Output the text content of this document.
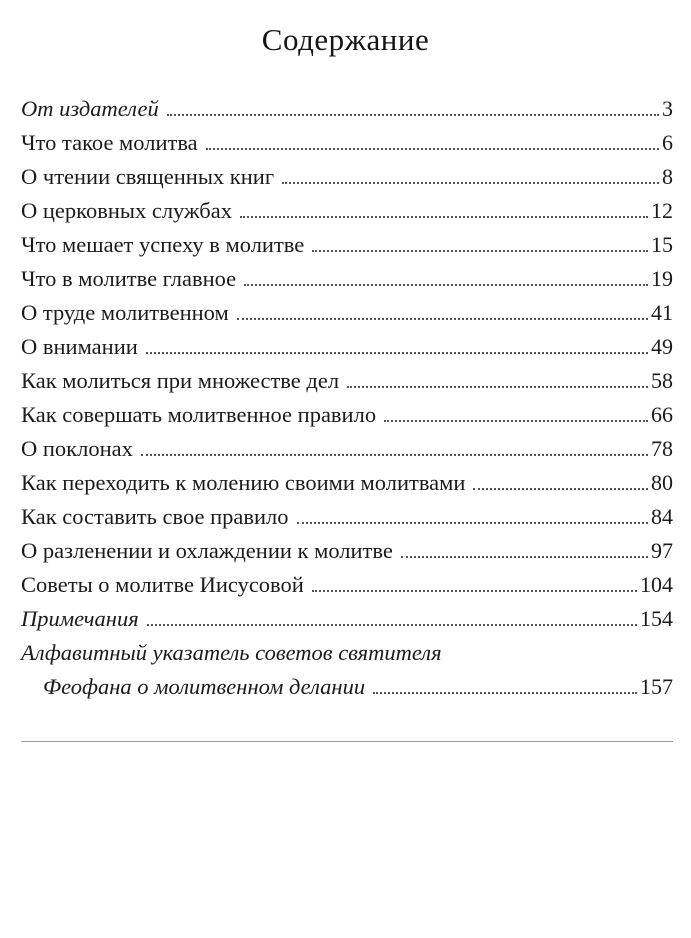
Содержание
От издателей	3
Что такое молитва	6
О чтении священных книг	8
О церковных службах	12
Что мешает успеху в молитве	15
Что в молитве главное	19
О труде молитвенном	41
О внимании	49
Как молиться при множестве дел	58
Как совершать молитвенное правило	66
О поклонах	78
Как переходить к молению своими молитвами	80
Как составить свое правило	84
О разленении и охлаждении к молитве	97
Советы о молитве Иисусовой	104
Примечания	154
Алфавитный указатель советов святителя
Феофана о молитвенном делании	157
